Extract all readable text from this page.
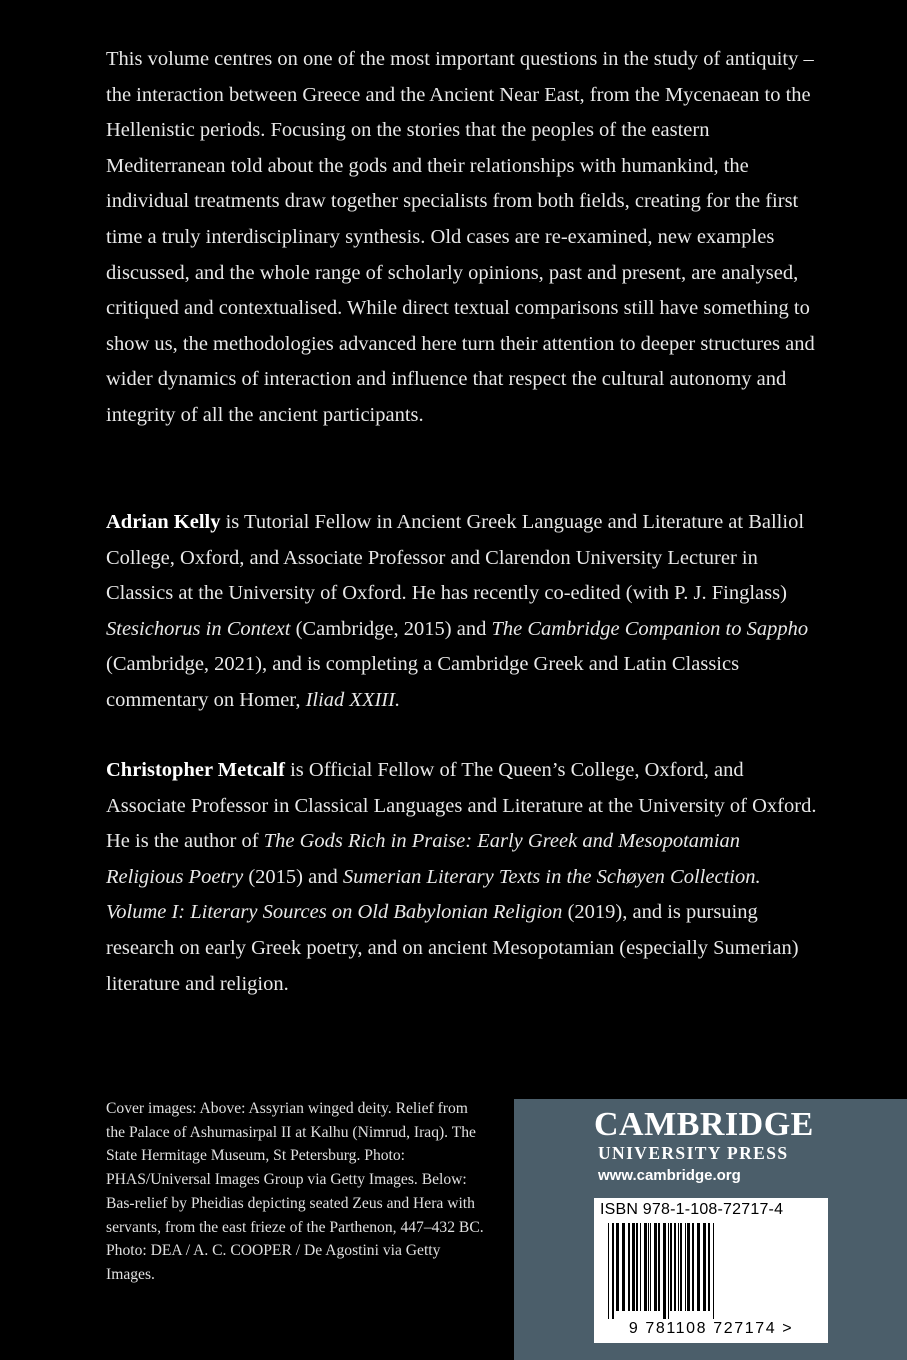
This volume centres on one of the most important questions in the study of antiquity – the interaction between Greece and the Ancient Near East, from the Mycenaean to the Hellenistic periods. Focusing on the stories that the peoples of the eastern Mediterranean told about the gods and their relationships with humankind, the individual treatments draw together specialists from both fields, creating for the first time a truly interdisciplinary synthesis. Old cases are re-examined, new examples discussed, and the whole range of scholarly opinions, past and present, are analysed, critiqued and contextualised. While direct textual comparisons still have something to show us, the methodologies advanced here turn their attention to deeper structures and wider dynamics of interaction and influence that respect the cultural autonomy and integrity of all the ancient participants.

Adrian Kelly is Tutorial Fellow in Ancient Greek Language and Literature at Balliol College, Oxford, and Associate Professor and Clarendon University Lecturer in Classics at the University of Oxford. He has recently co-edited (with P. J. Finglass) Stesichorus in Context (Cambridge, 2015) and The Cambridge Companion to Sappho (Cambridge, 2021), and is completing a Cambridge Greek and Latin Classics commentary on Homer, Iliad XXIII.

Christopher Metcalf is Official Fellow of The Queen’s College, Oxford, and Associate Professor in Classical Languages and Literature at the University of Oxford. He is the author of The Gods Rich in Praise: Early Greek and Mesopotamian Religious Poetry (2015) and Sumerian Literary Texts in the Schøyen Collection. Volume I: Literary Sources on Old Babylonian Religion (2019), and is pursuing research on early Greek poetry, and on ancient Mesopotamian (especially Sumerian) literature and religion.

Cover images: Above: Assyrian winged deity. Relief from the Palace of Ashurnasirpal II at Kalhu (Nimrud, Iraq). The State Hermitage Museum, St Petersburg. Photo: PHAS/Universal Images Group via Getty Images. Below: Bas-relief by Pheidias depicting seated Zeus and Hera with servants, from the east frieze of the Parthenon, 447–432 BC. Photo: DEA / A. C. COOPER / De Agostini via Getty Images.

CAMBRIDGE

UNIVERSITY PRESS

www.cambridge.org

ISBN 978-1-108-72717-4

9 781108 727174 >
